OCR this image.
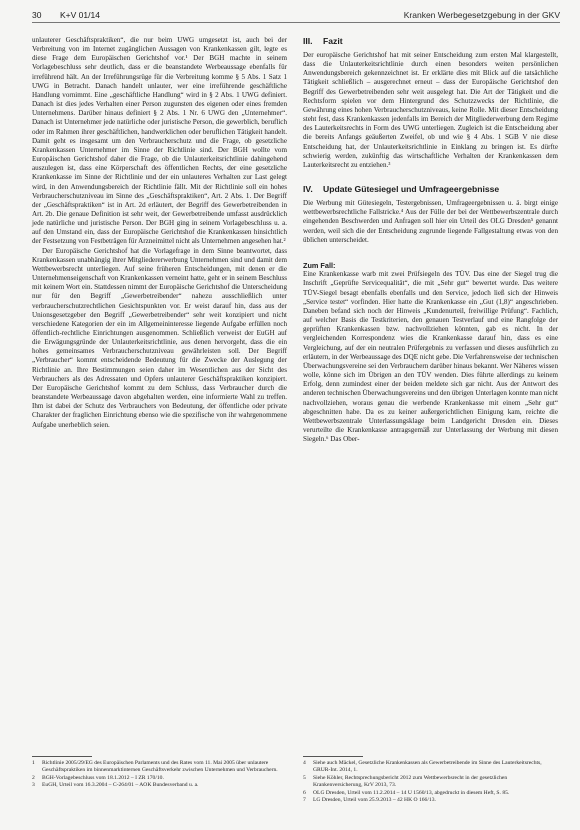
30 K+V 01/14	Kranken Werbegesetzgebung in der GKV

unlauterer Geschäftspraktiken“, die nur beim UWG umgesetzt ist, auch bei der Verbreitung von im Internet zugänglichen Aussagen von Krankenkassen gilt, legte es diese Frage dem Europäischen Gerichtshof vor.¹ Der BGH machte in seinem Vorlagebeschluss sehr deutlich, dass er die beanstandete Werbeaussage ebenfalls für irreführend hält. An der Irreführungsrüge für die Verbreitung komme § 5 Abs. 1 Satz 1 UWG in Betracht. Danach handelt unlauter, wer eine irreführende geschäftliche Handlung vornimmt. Eine „geschäftliche Handlung“ wird in § 2 Abs. 1 UWG definiert. Danach ist dies jedes Verhalten einer Person zugunsten des eigenen oder eines fremden Unternehmens. Darüber hinaus definiert § 2 Abs. 1 Nr. 6 UWG den „Unternehmer“. Danach ist Unternehmer jede natürliche oder juristische Person, die gewerblich, beruflich oder im Rahmen ihrer geschäftlichen, handwerklichen oder beruflichen Tätigkeit handelt. Damit geht es insgesamt um den Verbraucherschutz und die Frage, ob gesetzliche Krankenkassen Unternehmer im Sinne der Richtlinie sind. Der BGH wollte vom Europäischen Gerichtshof daher die Frage, ob die Unlauterkeitsrichtlinie dahingehend auszulegen ist, dass eine Körperschaft des öffentlichen Rechts, der eine gesetzliche Krankenkasse im Sinne der Richtlinie und der ein unlauteres Verhalten zur Last gelegt wird, in den Anwendungsbereich der Richtlinie fällt. Mit der Richtlinie soll ein hohes Verbraucherschutzniveau im Sinne des „Geschäftspraktiken“, Art. 2 Abs. 1. Der Begriff der „Geschäftspraktiken“ ist in Art. 2d erläutert, der Begriff des Gewerbetreibenden in Art. 2b. Die genaue Definition ist sehr weit, der Gewerbetreibende umfasst ausdrücklich jede natürliche und juristische Person. Der BGH ging in seinem Vorlagebeschluss u. a. auf den Umstand ein, dass der Europäische Gerichtshof die Krankenkassen hinsichtlich der Festsetzung von Festbeträgen für Arzneimittel nicht als Unternehmen angesehen hat.²

Der Europäische Gerichtshof hat die Vorlagefrage in dem Sinne beantwortet, dass Krankenkassen unabhängig ihrer Mitgliedererwerbung Unternehmen sind und damit dem Wettbewerbsrecht unterliegen. Auf seine früheren Entscheidungen, mit denen er die Unternehmenseigenschaft von Krankenkassen verneint hatte, geht er in seinem Beschluss mit keinem Wort ein. Stattdessen nimmt der Europäische Gerichtshof die Unterscheidung nur für den Begriff „Gewerbetreibender“ nahezu ausschließlich unter verbraucherschutzrechtlichen Gesichtspunkten vor. Er weist darauf hin, dass aus der Unionsgesetzgeber den Begriff „Gewerbetreibender“ sehr weit konzipiert und nicht verschiedene Kategorien der ein im Allgemeininteresse liegende Aufgabe erfüllen noch öffentlich-rechtliche Einrichtungen ausgenommen. Schließlich verweist der EuGH auf die Erwägungsgründe der Unlauterkeitsrichtlinie, aus denen hervorgeht, dass die ein hohes gemeinsames Verbraucherschutzniveau gewährleisten soll. Der Begriff „Verbraucher“ kommt entscheidende Bedeutung für die Zwecke der Auslegung der Richtlinie an. Ihre Bestimmungen seien daher im Wesentlichen aus der Sicht des Verbrauchers als des Adressaten und Opfers unlauterer Geschäftspraktiken konzipiert. Der Europäische Gerichtshof kommt zu dem Schluss, dass Verbraucher durch die beanstandete Werbeaussage davon abgehalten werden, eine informierte Wahl zu treffen. Ihm ist dabei der Schutz des Verbrauchers von Bedeutung, der öffentliche oder private Charakter der fraglichen Einrichtung ebenso wie die spezifische von ihr wahrgenommene Aufgabe unerheblich seien.

III. Fazit

Der europäische Gerichtshof hat mit seiner Entscheidung zum ersten Mal klargestellt, dass die Unlauterkeitsrichtlinie durch einen besonders weiten persönlichen Anwendungsbereich gekennzeichnet ist. Er erklärte dies mit Blick auf die tatsächliche Tätigkeit schließlich – ausgerechnet erneut – dass der Europäische Gerichtshof den Begriff des Gewerbetreibenden sehr weit ausgelegt hat. Die Art der Tätigkeit und die Rechtsform spielen vor dem Hintergrund des Schutzzwecks der Richtlinie, die Gewährung eines hohen Verbraucherschutzniveaus, keine Rolle. Mit dieser Entscheidung steht fest, dass Krankenkassen jedenfalls im Bereich der Mitgliederwerbung dem Regime des Lauterkeitsrechts in Form des UWG unterliegen. Zugleich ist die Entscheidung aber die bereits Anfangs geäußerten Zweifel, ob und wie § 4 Abs. 1 SGB V nie diese Entscheidung hat, der Unlauterkeitsrichtlinie in Einklang zu bringen ist. Es dürfte schwierig werden, zukünftig das wirtschaftliche Verhalten der Krankenkassen dem Lauterkeitsrecht zu entziehen.³

IV. Update Gütesiegel und Umfrageergebnisse

Die Werbung mit Gütesiegeln, Testergebnissen, Umfrageergebnissen u. ä. birgt einige wettbewerbsrechtliche Fallstricke.⁴ Aus der Fülle der bei der Wettbewerbszentrale durch eingehenden Beschwerden und Anfragen soll hier ein Urteil des OLG Dresden⁵ genannt werden, weil sich die der Entscheidung zugrunde liegende Fallgestaltung etwas von den üblichen unterscheidet.

Zum Fall:

Eine Krankenkasse warb mit zwei Prüfsiegeln des TÜV. Das eine der Siegel trug die Inschrift „Geprüfte Servicequalität“, die mit „Sehr gut“ bewertet wurde. Das weitere TÜV-Siegel besagt ebenfalls ebenfalls und den Service, jedoch ließ sich der Hinweis „Service testet“ vorfinden. Hier hatte die Krankenkasse ein „Gut (1,8)“ angeschrieben. Daneben befand sich noch der Hinweis „Kundenurteil, freiwillige Prüfung“. Fachlich, auf welcher Basis die Testkriterien, den genauen Testverlauf und eine Rangfolge der geprüften Krankenkassen bzw. nachvollziehen könnten, gab es nicht. In der vergleichenden Korrespondenz wies die Krankenkasse darauf hin, dass es eine Vergleichung, auf der ein neutralen Prüfergebnis zu verfassen und dieses ausführlich zu erläutern, in der Werbeaussage des DQE nicht gebe. Die Verfahrensweise der technischen Überwachungsvereine sei den Verbrauchern darüber hinaus bekannt. Wer Näheres wissen wolle, könne sich im Übrigen an den TÜV wenden. Dies führte allerdings zu keinem Erfolg, denn zumindest einer der beiden meldete sich gar nicht. Aus der Antwort des anderen technischen Überwachungsvereins und den übrigen Unterlagen konnte man nicht nachvollziehen, woraus genau die werbende Krankenkasse mit einem „Sehr gut“ abgeschnitten habe. Da es zu keiner außergerichtlichen Einigung kam, reichte die Wettbewerbszentrale Unterlassungsklage beim Landgericht Dresden ein. Dieses verurteilte die Krankenkasse antragsgemäß zur Unterlassung der Werbung mit diesen Siegeln.⁶ Das Ober-

1	Richtlinie 2005/29/EG des Europäischen Parlaments und des Rates vom 11. Mai 2005 über unlautere Geschäftspraktiken im binnenmarktinternen Geschäftsverkehr zwischen Unternehmen und Verbrauchern.
2	BGH-Vorlagebeschluss vom 18.1.2012 – I ZR 170/10.
3	EuGH, Urteil vom 16.3.2004 – C-264/01 – AOK Bundesverband u. a.
4	Siehe auch Mäckel, Gesetzliche Krankenkassen als Gewerbetreibende im Sinne des Lauterkeitsrechts, GRUR-Int. 2014, 1.
5	Siehe Köhler, Rechtsprechungsbericht 2012 zum Wettbewerbsrecht in der gesetzlichen Krankenversicherung, KrV 2013, 73.
6	OLG Dresden, Urteil vom 11.2.2014 – 14 U 1560/13, abgedruckt in diesem Heft, S. 85.
7	LG Dresden, Urteil vom 25.9.2013 – 42 HK O 166/13.
